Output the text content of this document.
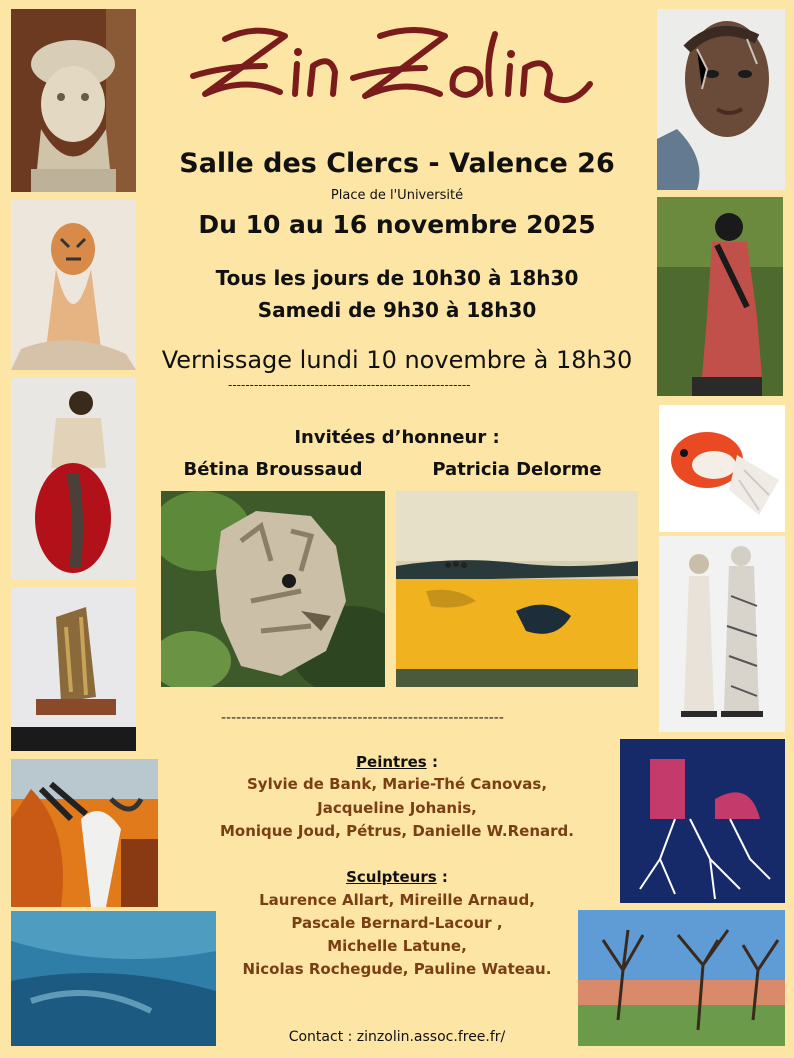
Salle des Clercs - Valence 26
Place de l'Université
Du 10 au 16 novembre 2025
Tous les jours de 10h30 à 18h30
Samedi de 9h30 à 18h30
Vernissage lundi 10 novembre à 18h30
--------------------------------------------------------
Invitées d’honneur :
Bétina Broussaud	Patricia Delorme
--------------------------------------------------------
Peintres :
Sylvie de Bank, Marie-Thé Canovas,
Jacqueline Johanis,
Monique Joud, Pétrus, Danielle W.Renard.
Sculpteurs :
Laurence Allart, Mireille Arnaud,
Pascale Bernard-Lacour ,
Michelle Latune,
Nicolas Rochegude, Pauline Wateau.
Contact : zinzolin.assoc.free.fr/
